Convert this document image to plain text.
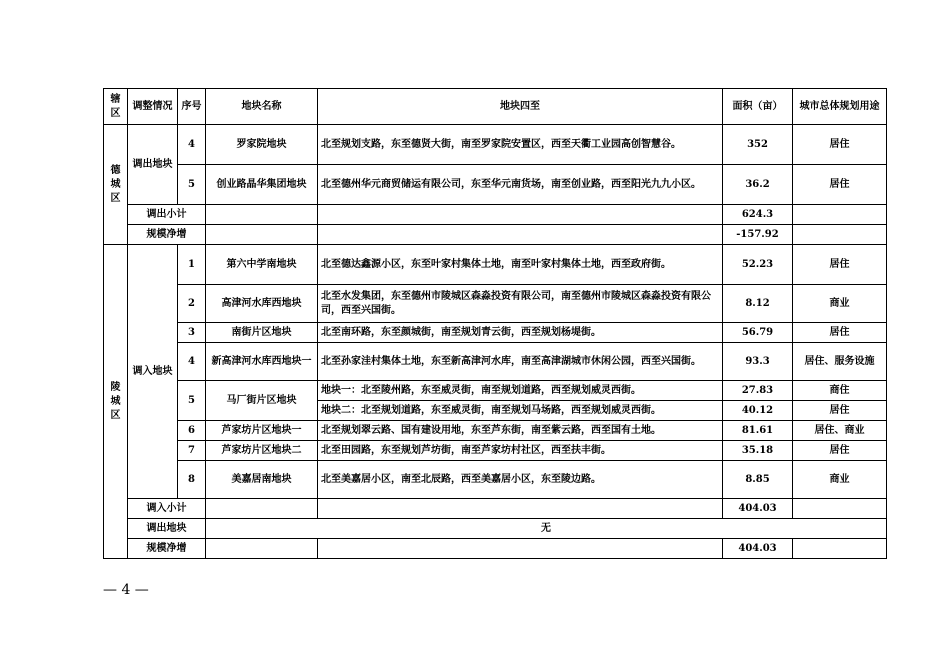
辖区	调整情况	序号	地块名称	地块四至	面积（亩）	城市总体规划用途
德城区	调出地块	4	罗家院地块	北至规划支路，东至德贤大街，南至罗家院安置区，西至天衢工业园高创智慧谷。	352	居住
		5	创业路晶华集团地块	北至德州华元商贸储运有限公司，东至华元南货场，南至创业路，西至阳光九九小区。	36.2	居住
	调出小计				624.3	
	规模净增				-157.92	
陵城区	调入地块	1	第六中学南地块	北至德达鑫源小区，东至叶家村集体土地，南至叶家村集体土地，西至政府街。	52.23	居住
		2	高津河水库西地块	北至水发集团，东至德州市陵城区森淼投资有限公司，南至德州市陵城区森淼投资有限公司，西至兴国街。	8.12	商业
		3	南街片区地块	北至南环路，东至颜城街，南至规划青云街，西至规划杨堤街。	56.79	居住
		4	新高津河水库西地块一	北至孙家洼村集体土地，东至新高津河水库，南至高津湖城市休闲公园，西至兴国街。	93.3	居住、服务设施
		5	马厂街片区地块	地块一：北至陵州路，东至威灵街，南至规划道路，西至规划威灵西街。	27.83	商住
				地块二：北至规划道路，东至威灵街，南至规划马场路，西至规划威灵西街。	40.12	居住
		6	芦家坊片区地块一	北至规划翠云路、国有建设用地，东至芦东街，南至紫云路，西至国有土地。	81.61	居住、商业
		7	芦家坊片区地块二	北至田园路，东至规划芦坊街，南至芦家坊村社区，西至扶丰街。	35.18	居住
		8	美嘉居南地块	北至美嘉居小区，南至北辰路，西至美嘉居小区，东至陵边路。	8.85	商业
	调入小计				404.03	
	调出地块		无			
	规模净增				404.03	
— 4 —
